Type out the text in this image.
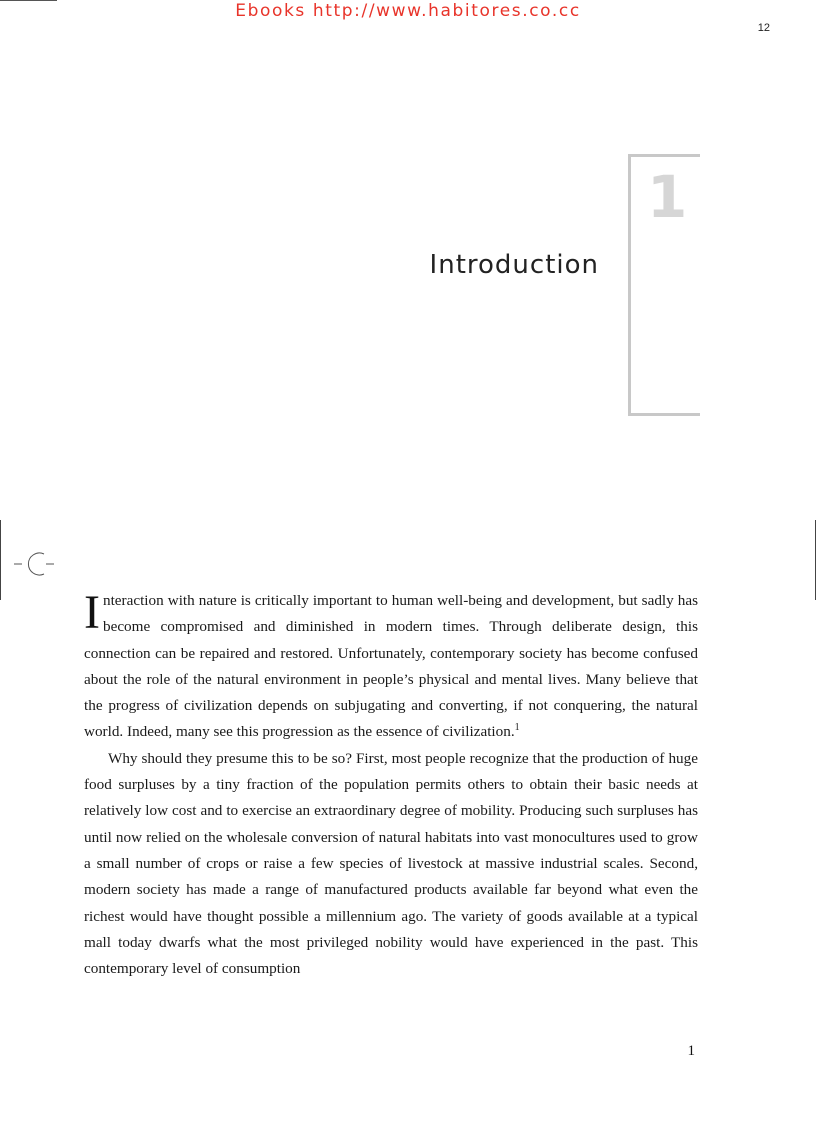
Ebooks http://www.habitores.co.cc
12
1
Introduction

Interaction with nature is critically important to human well-being and development, but sadly has become compromised and diminished in modern times. Through deliberate design, this connection can be repaired and restored. Unfortunately, contemporary society has become confused about the role of the natural environment in people’s physical and mental lives. Many believe that the progress of civilization depends on subjugating and converting, if not conquering, the natural world. Indeed, many see this progression as the essence of civilization.$^1$

Why should they presume this to be so? First, most people recognize that the production of huge food surpluses by a tiny fraction of the population permits others to obtain their basic needs at relatively low cost and to exercise an extraordinary degree of mobility. Producing such surpluses has until now relied on the wholesale conversion of natural habitats into vast monocultures used to grow a small number of crops or raise a few species of livestock at massive industrial scales. Second, modern society has made a range of manufactured products available far beyond what even the richest would have thought possible a millennium ago. The variety of goods available at a typical mall today dwarfs what the most privileged nobility would have experienced in the past. This contemporary level of consumption

1
